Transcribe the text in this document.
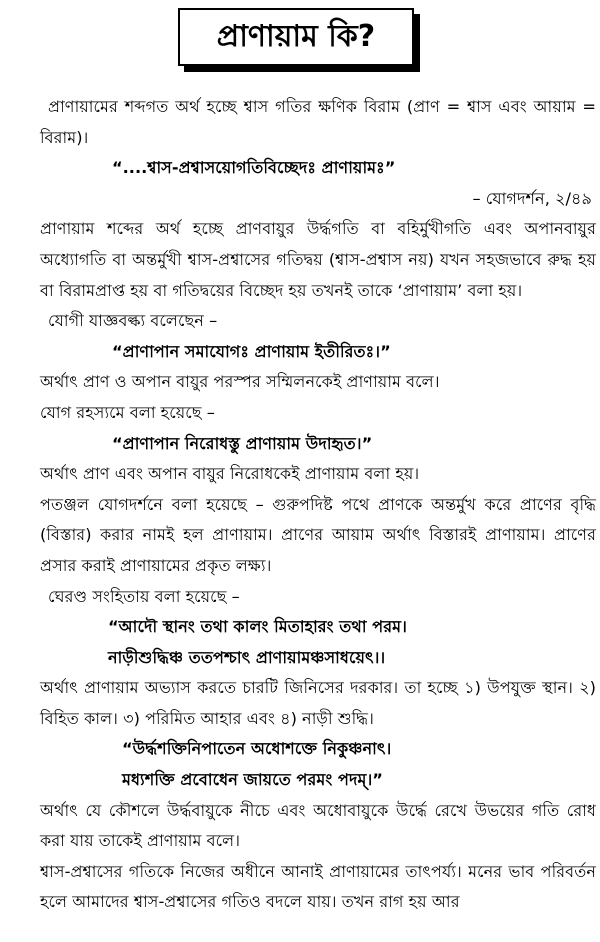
প্রাণায়াম কি?

প্রাণায়ামের শব্দগত অর্থ হচ্ছে শ্বাস গতির ক্ষণিক বিরাম (প্রাণ = শ্বাস এবং আয়াম = বিরাম)।

“....শ্বাস-প্রশ্বাসয়োগতিবিচ্ছেদঃ প্রাণায়ামঃ”

– যোগদর্শন, ২/৪৯

প্রাণায়াম শব্দের অর্থ হচ্ছে প্রাণবায়ুর উর্দ্ধগতি বা বহির্মুখীগতি এবং অপানবায়ুর অধ্যোগতি বা অন্তর্মুখী শ্বাস-প্রশ্বাসের গতিদ্বয় (শ্বাস-প্রশ্বাস নয়) যখন সহজভাবে রুদ্ধ হয় বা বিরামপ্রাপ্ত হয় বা গতিদ্বয়ের বিচ্ছেদ হয় তখনই তাকে ‘প্রাণায়াম’ বলা হয়।

যোগী যাজ্ঞবল্ক্য বলেছেন –

“প্রাণাপান সমাযোগঃ প্রাণায়াম ইতীরিতঃ।”

অর্থাৎ প্রাণ ও অপান বায়ুর পরস্পর সম্মিলনকেই প্রাণায়াম বলে।

যোগ রহস্যমে বলা হয়েছে –

“প্রাণাপান নিরোধস্তু প্রাণায়াম উদাহৃত।”

অর্থাৎ প্রাণ এবং অপান বায়ুর নিরোধকেই প্রাণায়াম বলা হয়।

পতঞ্জল যোগদর্শনে বলা হয়েছে – গুরুপদিষ্ট পথে প্রাণকে অন্তর্মুখ করে প্রাণের বৃদ্ধি (বিস্তার) করার নামই হল প্রাণায়াম। প্রাণের আয়াম অর্থাৎ বিস্তারই প্রাণায়াম। প্রাণের প্রসার করাই প্রাণায়ামের প্রকৃত লক্ষ্য।

ঘেরণ্ড সংহিতায় বলা হয়েছে –

“আদৌ স্থানং তথা কালং মিতাহারং তথা পরম।

নাড়ীশুদ্ধিঞ্চ ততপশ্চাৎ প্রাণায়ামঞ্চসাধয়েৎ।।

অর্থাৎ প্রাণায়াম অভ্যাস করতে চারটি জিনিসের দরকার। তা হচ্ছে ১) উপযুক্ত স্থান। ২) বিহিত কাল। ৩) পরিমিত আহার এবং ৪) নাড়ী শুদ্ধি।

“উর্দ্ধশক্তিনিপাতেন অধোশক্তে নিকুঞ্চনাৎ।

মধ্যশক্তি প্রবোধেন জায়তে পরমং পদম্।”

অর্থাৎ যে কৌশলে উর্দ্ধবায়ুকে নীচে এবং অধোবায়ুকে উর্দ্ধে রেখে উভয়ের গতি রোধ করা যায় তাকেই প্রাণায়াম বলে।

শ্বাস-প্রশ্বাসের গতিকে নিজের অধীনে আনাই প্রাণায়ামের তাৎপর্য্য। মনের ভাব পরিবর্তন হলে আমাদের শ্বাস-প্রশ্বাসের গতিও বদলে যায়। তখন রাগ হয় আর
